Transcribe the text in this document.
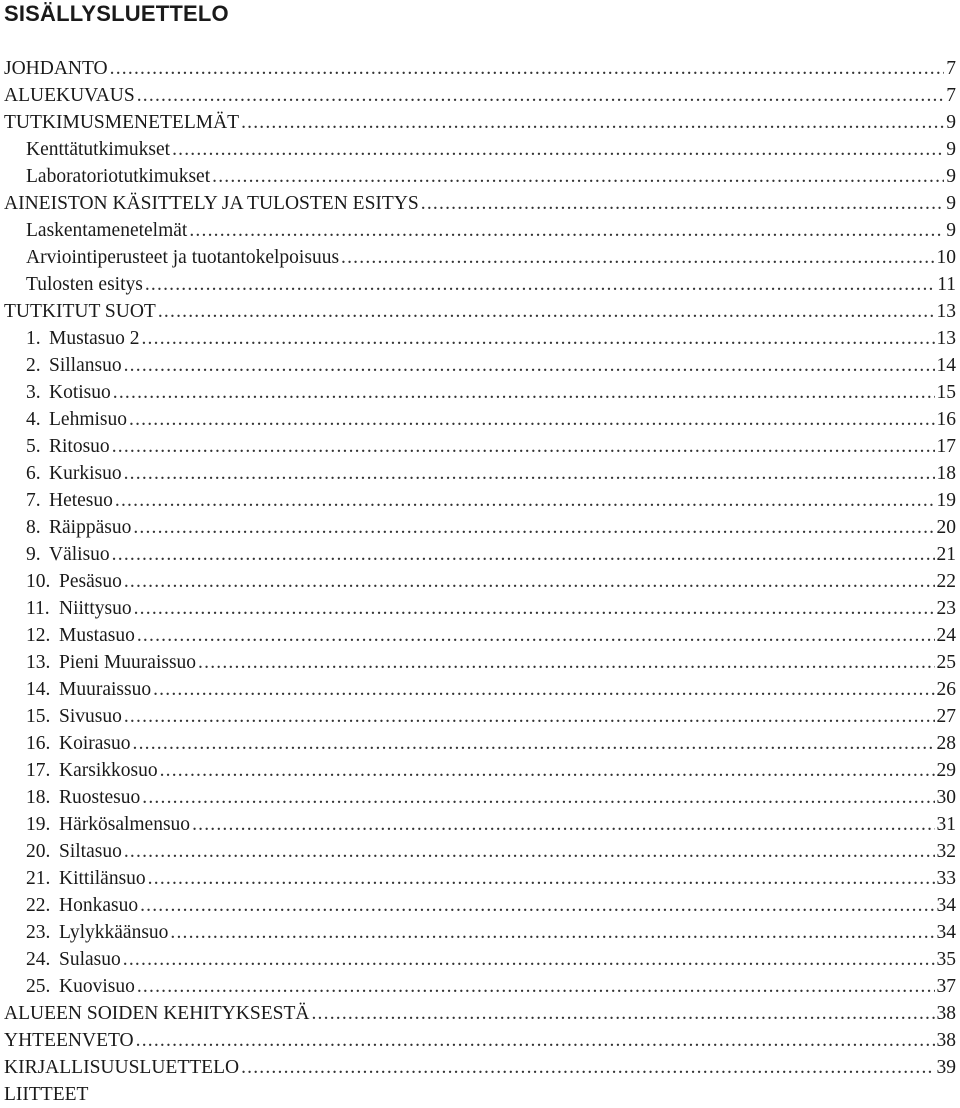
SISÄLLYSLUETTELO
JOHDANTO .....	7
ALUEKUVAUS .....	7
TUTKIMUSMENETELMÄT .....	9
Kenttätutkimukset .....	9
Laboratoriotutkimukset .....	9
AINEISTON KÄSITTELY JA TULOSTEN ESITYS .....	9
Laskentamenetelmät .....	9
Arviointiperusteet ja tuotantokelpoisuus .....	10
Tulosten esitys .....	11
TUTKITUT SUOT .....	13
1. Mustasuo 2 .....	13
2. Sillansuo .....	14
3. Kotisuo .....	15
4. Lehmisuo .....	16
5. Ritosuo .....	17
6. Kurkisuo .....	18
7. Hetesuo .....	19
8. Räippäsuo .....	20
9. Välisuo .....	21
10. Pesäsuo .....	22
11. Niittysuo .....	23
12. Mustasuo .....	24
13. Pieni Muuraissuo .....	25
14. Muuraissuo .....	26
15. Sivusuo .....	27
16. Koirasuo .....	28
17. Karsikkosuo .....	29
18. Ruostesuo .....	30
19. Härkösalmensuo .....	31
20. Siltasuo .....	32
21. Kittilänsuo .....	33
22. Honkasuo .....	34
23. Lylykkäänsuo .....	34
24. Sulasuo .....	35
25. Kuovisuo .....	37
ALUEEN SOIDEN KEHITYKSESTÄ .....	38
YHTEENVETO .....	38
KIRJALLISUUSLUETTELO .....	39
LIITTEET
